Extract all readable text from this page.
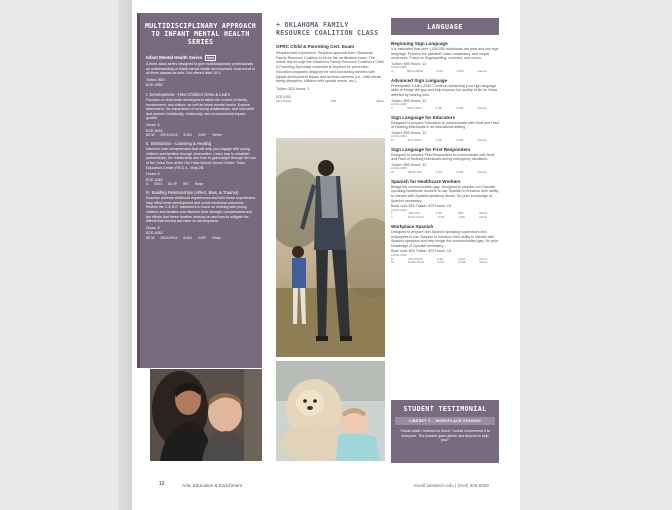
MULTIDISCIPLINARY APPROACH TO INFANT MENTAL HEALTH SERIES
Infant Mental Health Series NEW

A three-class series designed to give multidisciplinary professionals an understanding of infant mental health development. Must enroll in all three classes as sets. Not offered after 10:3.

Tuition: $60

ECE-4052

I. Development - How Children Grow & Learn

Focuses on child-brain development within the context of family, environment, and culture, as well as infant mental health. Explore attachment, the importance of nurturing relationships, and how child and parents individually, relationally, and environmental impact growth.

Hours: 6

ECE-4052

NE-W 09/15-09/15 8:30A 3:30P Webex
II. Stimulation - Listening & Healing

Discover core competencies that will help you engage with young children and families through observation. Learn how to establish partnerships, the relationship and how to gain insight through the use of the Tulsa Tech at the Old Tulsa School Venue Center. Tulsa Education Center (TEC) 4 - Bldg 2B.

Hours: 6

ECE-4052

A 09/21 8A-4P WIT Reapr
III. Building Relationships (Affect, Bias, & Trauma)

Examine adverse childhood experiences and how these experiences may affect brain development and social emotional outcomes. Review the C.A.R.E. framework to focus on working with young children and families and discover their strength competencies and the efforts that these families develop on and how to mitigate the effects that trauma can have on development.

Hours: 6

ECE-4052

NE-W 09/24-09/24 8:30A 3:30P Reapr
+ OKLAHOMA FAMILY RESOURCE COALITION CLASS
OFRC Child & Parenting Cert. Exam
Required self-experience. Requires approval from Oklahoma Family Resource Coalition to sit for the certification exam. The online test through the Oklahoma Family Resource Coalition's Child & Parenting Specialist credential is required for prevention education programs designed for well-functioning families with typical development issues and serious concerns (i.e., child abuse, family disruption, children with special needs, etc.).
Tuition: $35 Hours: 3
ECE-4100
Flex Online	ONL	Wksp
LANGUAGE
Beginning Sign Language
It is estimated that over 1,000,000 individuals are deaf and use sign language. Practice the alphabet, basic vocabulary, and simple sentences. Focus on fingerspelling, numbers, and colors.
Tuition: $95 Hours: 12
LANG-2000
C	08/14-08/28	6-9P	COM	Lansng
Advanced Sign Language
Prerequisite: LANG-2000. Continue advancing your sign language skills to bridge the gap and help improve the quality of life for those affected by hearing loss.
Tuition: $95 Hours: 12
LANG-2002
C	09/13-10/4	6-9P	COM	Lansng
Sign Language for Educators
Designed to prepare Educators to communicate with Deaf and Hard of Hearing individuals in an educational setting.
Tuition: $95 Hours: 12
LANG-2004
M	10/7-10/21	6-9P	COM	Lansng
Sign Language for First Responders
Designed to prepare First Responders to communicate with Deaf and Hard of Hearing individuals during emergency situations.
Tuition: $95 Hours: 12
LANG-2006
W	09/29-11/3	6-9P	COM	Lansng
Spanish for Healthcare Workers
Bridge the communication gap. Designed to prepare non-Spanish speaking healthcare workers to use Spanish to enhance their ability to interact with Spanish-speaking clients. No prior knowledge of Spanish necessary.
Book cost: $20 Tuition: $79 Hours: 15
LANG-2100
T	9/8-10/6	6-9P	MID	RmIA
T	10/13-11/10	6-9P	MID	RmIA
Workplace Spanish
Designed to prepare non-Spanish speaking supervisors and employees to use Spanish to enhance their ability to interact with Spanish speakers and help bridge the communication gap. No prior knowledge of Spanish necessary.
Book cost: $20 Tuition: $79 Hours: 15
LANG-2102
M	9/27-10/25	6-9P	COM	RmIA
M	10/25-11/28	6-9P	COM	RmIA
STUDENT TESTIMONIAL
LINDSEY T. - WORKPLACE SPANISH
"Great class! I learned so much. I would recommend it to everyone. The teacher goes above and beyond to help you!"
12	Arts, Education & Enrichment	enroll.tulsatech.edu | (918) 828-5000
